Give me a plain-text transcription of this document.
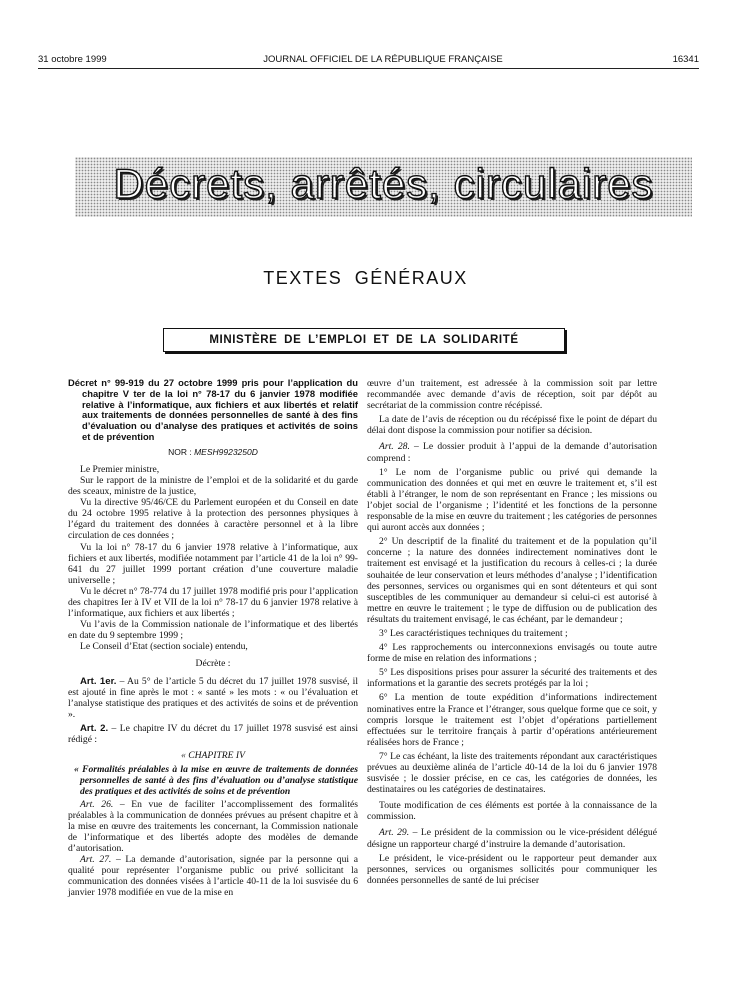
31 octobre 1999	JOURNAL OFFICIEL DE LA RÉPUBLIQUE FRANÇAISE	16341
Décrets, arrêtés, circulaires
TEXTES GÉNÉRAUX
MINISTÈRE DE L’EMPLOI ET DE LA SOLIDARITÉ
Décret n° 99-919 du 27 octobre 1999 pris pour l’application du chapitre V ter de la loi n° 78-17 du 6 janvier 1978 modifiée relative à l’informatique, aux fichiers et aux libertés et relatif aux traitements de données personnelles de santé à des fins d’évaluation ou d’analyse des pratiques et activités de soins et de prévention
NOR : MESH9923250D

Le Premier ministre,

Sur le rapport de la ministre de l’emploi et de la solidarité et du garde des sceaux, ministre de la justice,

Vu la directive 95/46/CE du Parlement européen et du Conseil en date du 24 octobre 1995 relative à la protection des personnes physiques à l’égard du traitement des données à caractère personnel et à la libre circulation de ces données ;

Vu la loi n° 78-17 du 6 janvier 1978 relative à l’informatique, aux fichiers et aux libertés, modifiée notamment par l’article 41 de la loi n° 99-641 du 27 juillet 1999 portant création d’une couverture maladie universelle ;

Vu le décret n° 78-774 du 17 juillet 1978 modifié pris pour l’application des chapitres Ier à IV et VII de la loi n° 78-17 du 6 janvier 1978 relative à l’informatique, aux fichiers et aux libertés ;

Vu l’avis de la Commission nationale de l’informatique et des libertés en date du 9 septembre 1999 ;

Le Conseil d’Etat (section sociale) entendu,

Décrète :

Art. 1er. – Au 5° de l’article 5 du décret du 17 juillet 1978 susvisé, il est ajouté in fine après le mot : « santé » les mots : « ou l’évaluation et l’analyse statistique des pratiques et des activités de soins et de prévention ».

Art. 2. – Le chapitre IV du décret du 17 juillet 1978 susvisé est ainsi rédigé :

« CHAPITRE IV
« Formalités préalables à la mise en œuvre de traitements de données personnelles de santé à des fins d’évaluation ou d’analyse statistique des pratiques et des activités de soins et de prévention

Art. 26. – En vue de faciliter l’accomplissement des formalités préalables à la communication de données prévues au présent chapitre et à la mise en œuvre des traitements les concernant, la Commission nationale de l’informatique et des libertés adopte des modèles de demande d’autorisation.

Art. 27. – La demande d’autorisation, signée par la personne qui a qualité pour représenter l’organisme public ou privé sollicitant la communication des données visées à l’article 40-11 de la loi susvisée du 6 janvier 1978 modifiée en vue de la mise en

œuvre d’un traitement, est adressée à la commission soit par lettre recommandée avec demande d’avis de réception, soit par dépôt au secrétariat de la commission contre récépissé.

La date de l’avis de réception ou du récépissé fixe le point de départ du délai dont dispose la commission pour notifier sa décision.

Art. 28. – Le dossier produit à l’appui de la demande d’autorisation comprend :

1° Le nom de l’organisme public ou privé qui demande la communication des données et qui met en œuvre le traitement et, s’il est établi à l’étranger, le nom de son représentant en France ; les missions ou l’objet social de l’organisme ; l’identité et les fonctions de la personne responsable de la mise en œuvre du traitement ; les catégories de personnes qui auront accès aux données ;

2° Un descriptif de la finalité du traitement et de la population qu’il concerne ; la nature des données indirectement nominatives dont le traitement est envisagé et la justification du recours à celles-ci ; la durée souhaitée de leur conservation et leurs méthodes d’analyse ; l’identification des personnes, services ou organismes qui en sont détenteurs et qui sont susceptibles de les communiquer au demandeur si celui-ci est autorisé à mettre en œuvre le traitement ; le type de diffusion ou de publication des résultats du traitement envisagé, le cas échéant, par le demandeur ;

3° Les caractéristiques techniques du traitement ;

4° Les rapprochements ou interconnexions envisagés ou toute autre forme de mise en relation des informations ;

5° Les dispositions prises pour assurer la sécurité des traitements et des informations et la garantie des secrets protégés par la loi ;

6° La mention de toute expédition d’informations indirectement nominatives entre la France et l’étranger, sous quelque forme que ce soit, y compris lorsque le traitement est l’objet d’opérations partiellement effectuées sur le territoire français à partir d’opérations antérieurement réalisées hors de France ;

7° Le cas échéant, la liste des traitements répondant aux caractéristiques prévues au deuxième alinéa de l’article 40-14 de la loi du 6 janvier 1978 susvisée ; le dossier précise, en ce cas, les catégories de données, les destinataires ou les catégories de destinataires.

Toute modification de ces éléments est portée à la connaissance de la commission.

Art. 29. – Le président de la commission ou le vice-président délégué désigne un rapporteur chargé d’instruire la demande d’autorisation.

Le président, le vice-président ou le rapporteur peut demander aux personnes, services ou organismes sollicités pour communiquer les données personnelles de santé de lui préciser
